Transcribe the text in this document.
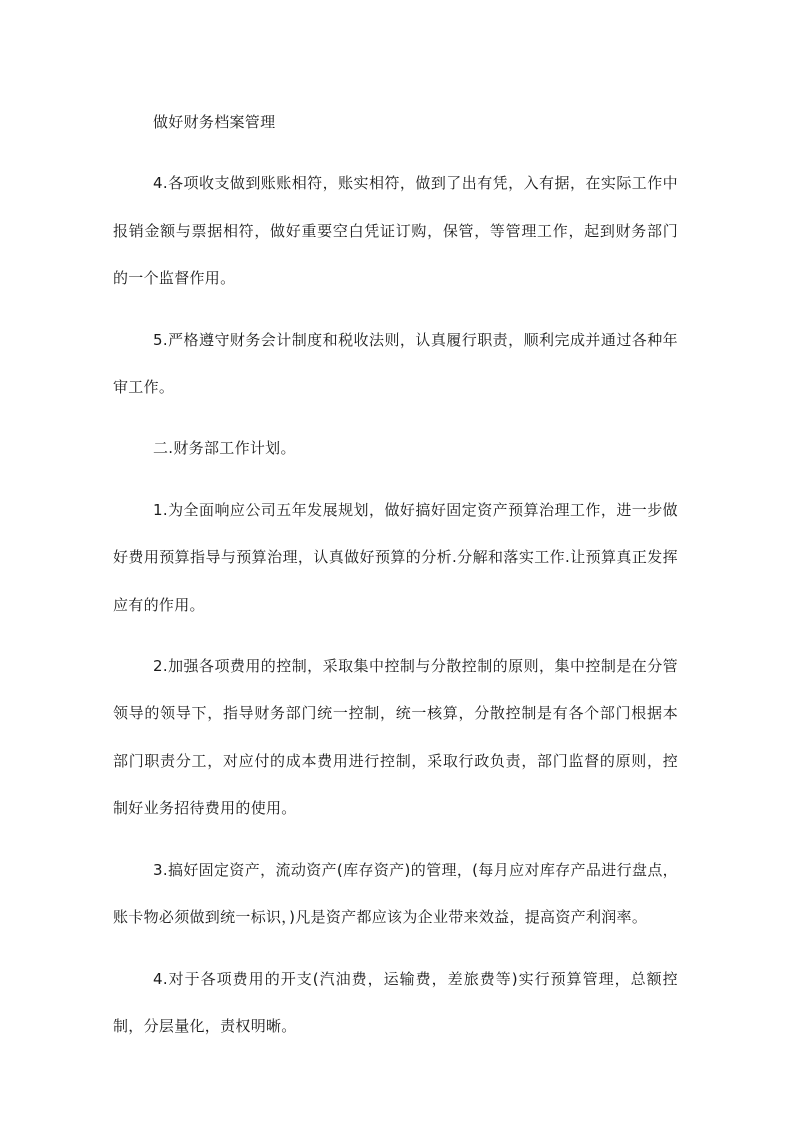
做好财务档案管理

4.各项收支做到账账相符，账实相符，做到了出有凭，入有据，在实际工作中报销金额与票据相符，做好重要空白凭证订购，保管，等管理工作，起到财务部门的一个监督作用。

5.严格遵守财务会计制度和税收法则，认真履行职责，顺利完成并通过各种年审工作。

二.财务部工作计划。

1.为全面响应公司五年发展规划，做好搞好固定资产预算治理工作，进一步做好费用预算指导与预算治理，认真做好预算的分析.分解和落实工作.让预算真正发挥应有的作用。

2.加强各项费用的控制，采取集中控制与分散控制的原则，集中控制是在分管领导的领导下，指导财务部门统一控制，统一核算，分散控制是有各个部门根据本部门职责分工，对应付的成本费用进行控制，采取行政负责，部门监督的原则，控制好业务招待费用的使用。

3.搞好固定资产，流动资产(库存资产)的管理，(每月应对库存产品进行盘点，账卡物必须做到统一标识，)凡是资产都应该为企业带来效益，提高资产利润率。

4.对于各项费用的开支(汽油费，运输费，差旅费等)实行预算管理，总额控制，分层量化，责权明晰。
